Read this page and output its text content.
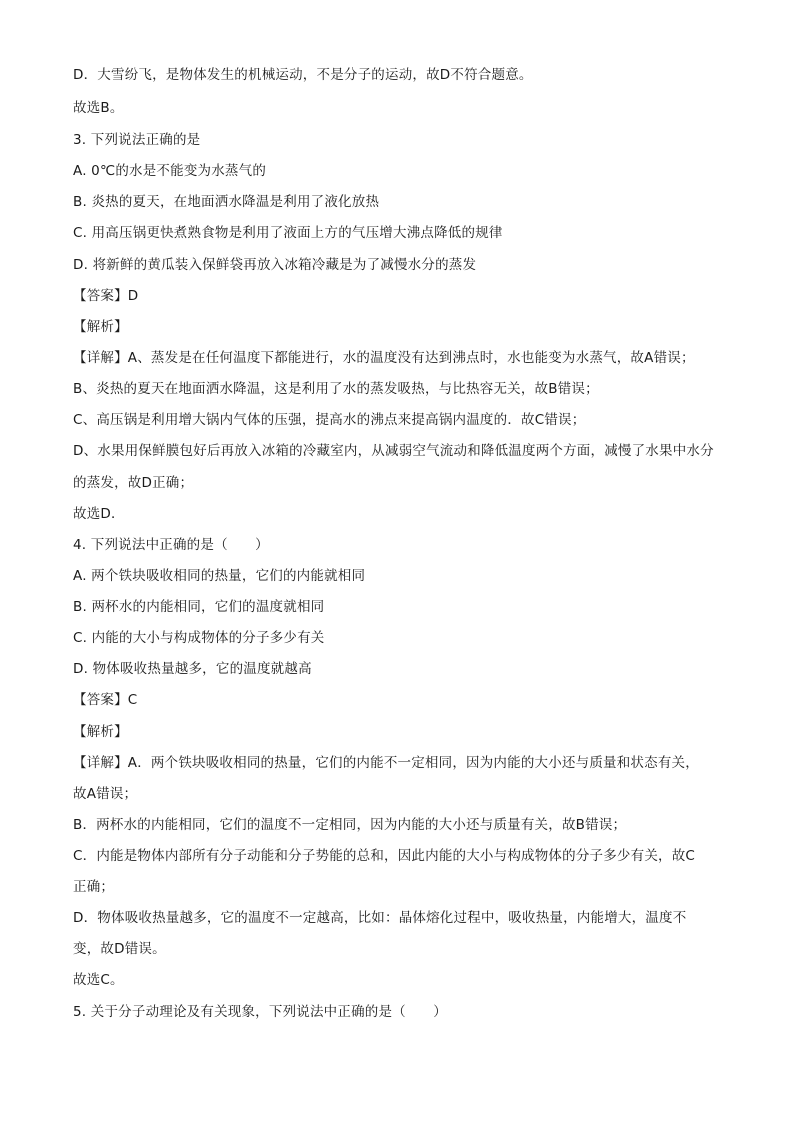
D．大雪纷飞，是物体发生的机械运动，不是分子的运动，故D不符合题意。
故选B。
3. 下列说法正确的是
A. 0℃的水是不能变为水蒸气的
B. 炎热的夏天，在地面洒水降温是利用了液化放热
C. 用高压锅更快煮熟食物是利用了液面上方的气压增大沸点降低的规律
D. 将新鲜的黄瓜装入保鲜袋再放入冰箱冷藏是为了减慢水分的蒸发
【答案】D
【解析】
【详解】A、蒸发是在任何温度下都能进行，水的温度没有达到沸点时，水也能变为水蒸气，故A错误；
B、炎热的夏天在地面洒水降温，这是利用了水的蒸发吸热，与比热容无关，故B错误；
C、高压锅是利用增大锅内气体的压强，提高水的沸点来提高锅内温度的．故C错误；
D、水果用保鲜膜包好后再放入冰箱的冷藏室内，从减弱空气流动和降低温度两个方面，减慢了水果中水分
的蒸发，故D正确；
故选D．
4. 下列说法中正确的是（　　）
A. 两个铁块吸收相同的热量，它们的内能就相同
B. 两杯水的内能相同，它们的温度就相同
C. 内能的大小与构成物体的分子多少有关
D. 物体吸收热量越多，它的温度就越高
【答案】C
【解析】
【详解】A．两个铁块吸收相同的热量，它们的内能不一定相同，因为内能的大小还与质量和状态有关，
故A错误；
B．两杯水的内能相同，它们的温度不一定相同，因为内能的大小还与质量有关，故B错误；
C．内能是物体内部所有分子动能和分子势能的总和，因此内能的大小与构成物体的分子多少有关，故C
正确；
D．物体吸收热量越多，它的温度不一定越高，比如：晶体熔化过程中，吸收热量，内能增大，温度不
变，故D错误。
故选C。
5. 关于分子动理论及有关现象，下列说法中正确的是（　　）
